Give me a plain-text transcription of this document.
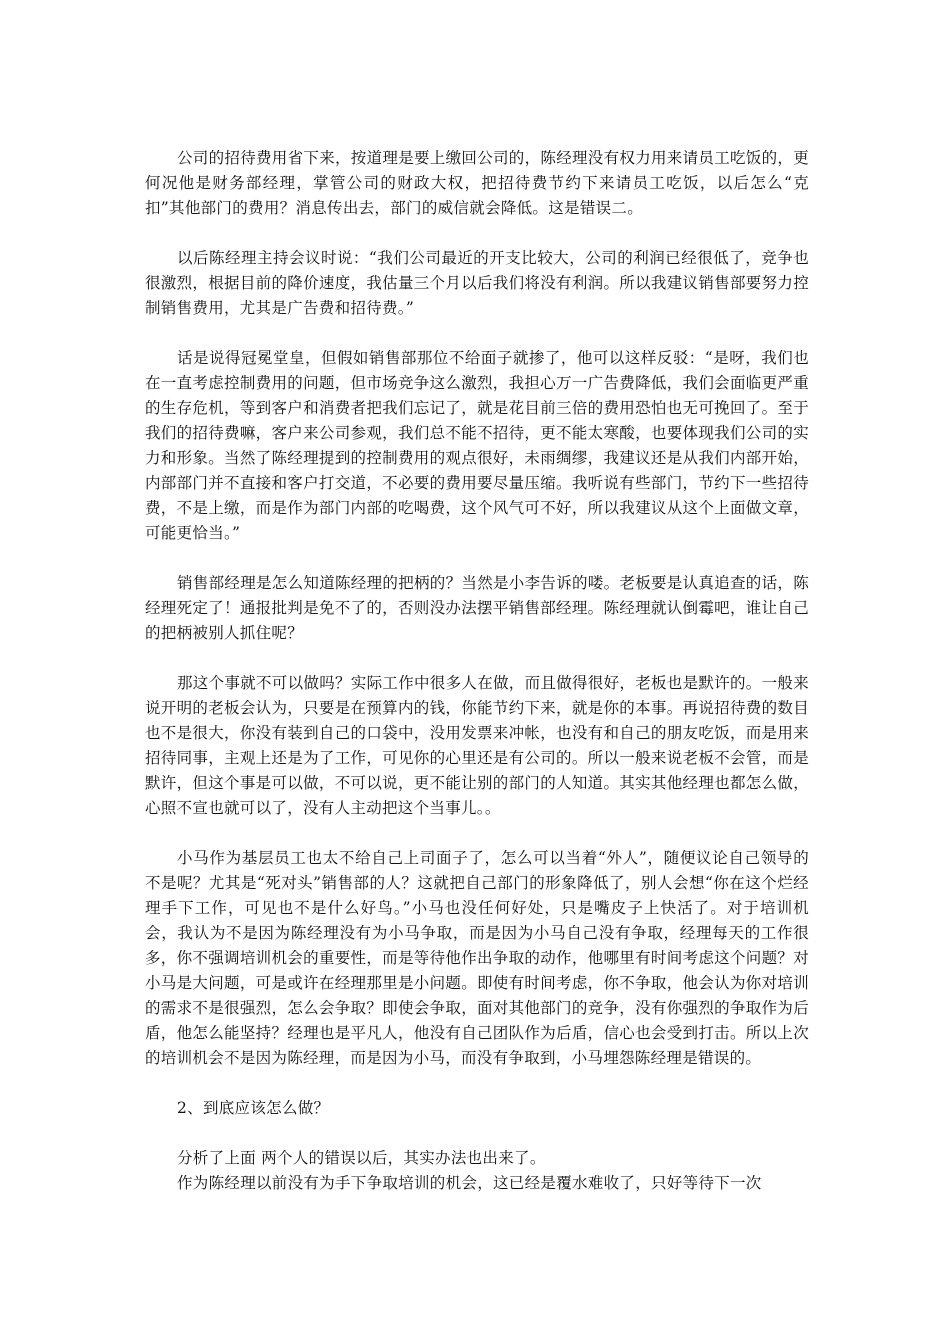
公司的招待费用省下来，按道理是要上缴回公司的，陈经理没有权力用来请员工吃饭的，更何况他是财务部经理，掌管公司的财政大权，把招待费节约下来请员工吃饭，以后怎么“克扣”其他部门的费用？消息传出去，部门的威信就会降低。这是错误二。

以后陈经理主持会议时说：“我们公司最近的开支比较大，公司的利润已经很低了，竞争也很激烈，根据目前的降价速度，我估量三个月以后我们将没有利润。所以我建议销售部要努力控制销售费用，尤其是广告费和招待费。”

话是说得冠冕堂皇，但假如销售部那位不给面子就掺了，他可以这样反驳：“是呀，我们也在一直考虑控制费用的问题，但市场竞争这么激烈，我担心万一广告费降低，我们会面临更严重的生存危机，等到客户和消费者把我们忘记了，就是花目前三倍的费用恐怕也无可挽回了。至于我们的招待费嘛，客户来公司参观，我们总不能不招待，更不能太寒酸，也要体现我们公司的实力和形象。当然了陈经理提到的控制费用的观点很好，未雨绸缪，我建议还是从我们内部开始，内部部门并不直接和客户打交道，不必要的费用要尽量压缩。我听说有些部门，节约下一些招待费，不是上缴，而是作为部门内部的吃喝费，这个风气可不好，所以我建议从这个上面做文章，可能更恰当。”

销售部经理是怎么知道陈经理的把柄的？当然是小李告诉的喽。老板要是认真追查的话，陈经理死定了！通报批判是免不了的，否则没办法摆平销售部经理。陈经理就认倒霉吧，谁让自己的把柄被别人抓住呢？

那这个事就不可以做吗？实际工作中很多人在做，而且做得很好，老板也是默许的。一般来说开明的老板会认为，只要是在预算内的钱，你能节约下来，就是你的本事。再说招待费的数目也不是很大，你没有装到自己的口袋中，没用发票来冲帐，也没有和自己的朋友吃饭，而是用来招待同事，主观上还是为了工作，可见你的心里还是有公司的。所以一般来说老板不会管，而是默许，但这个事是可以做，不可以说，更不能让别的部门的人知道。其实其他经理也都怎么做，心照不宣也就可以了，没有人主动把这个当事儿。。

小马作为基层员工也太不给自己上司面子了，怎么可以当着“外人”，随便议论自己领导的不是呢？尤其是“死对头”销售部的人？这就把自己部门的形象降低了，别人会想“你在这个烂经理手下工作，可见也不是什么好鸟。”小马也没任何好处，只是嘴皮子上快活了。对于培训机会，我认为不是因为陈经理没有为小马争取，而是因为小马自己没有争取，经理每天的工作很多，你不强调培训机会的重要性，而是等待他作出争取的动作，他哪里有时间考虑这个问题？对小马是大问题，可是或许在经理那里是小问题。即使有时间考虑，你不争取，他会认为你对培训的需求不是很强烈，怎么会争取？即使会争取，面对其他部门的竞争，没有你强烈的争取作为后盾，他怎么能坚持？经理也是平凡人，他没有自己团队作为后盾，信心也会受到打击。所以上次的培训机会不是因为陈经理，而是因为小马，而没有争取到，小马埋怨陈经理是错误的。

2、到底应该怎么做？

分析了上面 两个人的错误以后，其实办法也出来了。

作为陈经理以前没有为手下争取培训的机会，这已经是覆水难收了，只好等待下一次
